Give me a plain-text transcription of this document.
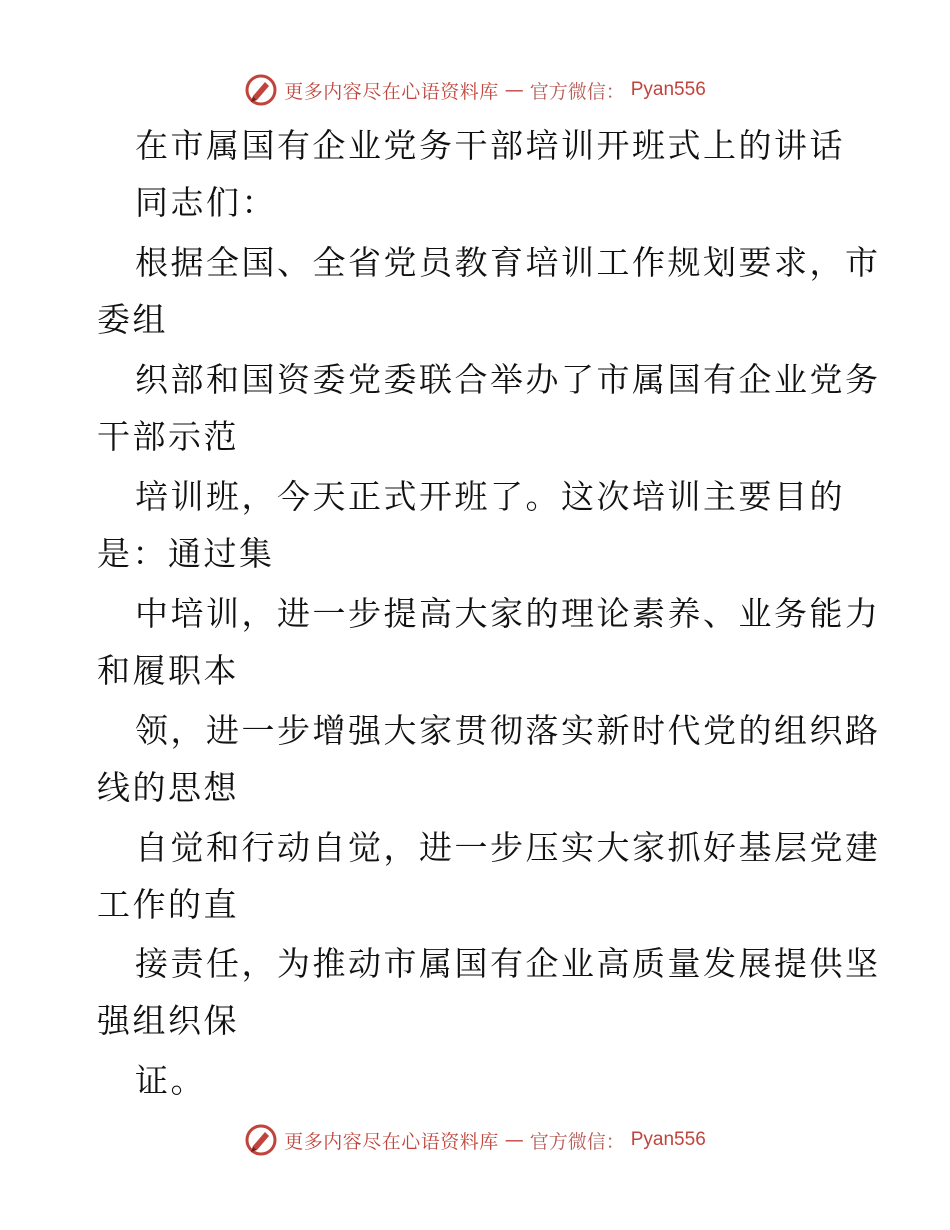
更多内容尽在心语资料库 — 官方微信： Pyan556
在市属国有企业党务干部培训开班式上的讲话
同志们：
根据全国、全省党员教育培训工作规划要求，市
委组
织部和国资委党委联合举办了市属国有企业党务
干部示范
培训班，今天正式开班了。这次培训主要目的
是：通过集
中培训，进一步提高大家的理论素养、业务能力
和履职本
领，进一步增强大家贯彻落实新时代党的组织路
线的思想
自觉和行动自觉，进一步压实大家抓好基层党建
工作的直
接责任，为推动市属国有企业高质量发展提供坚
强组织保
证。
更多内容尽在心语资料库 — 官方微信： Pyan556
